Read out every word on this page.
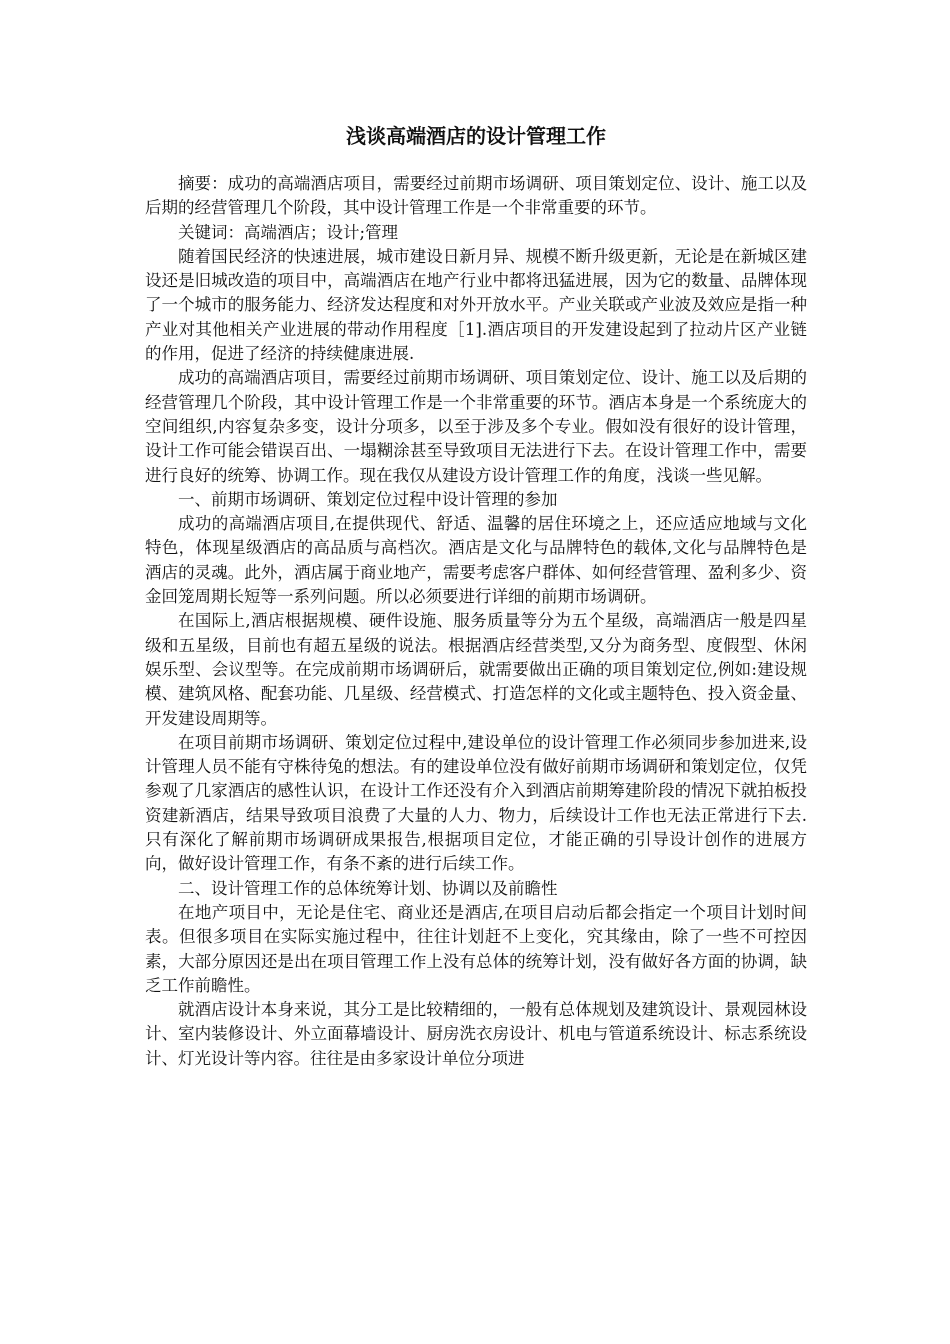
浅谈高端酒店的设计管理工作

摘要：成功的高端酒店项目，需要经过前期市场调研、项目策划定位、设计、施工以及后期的经营管理几个阶段，其中设计管理工作是一个非常重要的环节。

关键词：高端酒店；设计;管理

随着国民经济的快速进展，城市建设日新月异、规模不断升级更新，无论是在新城区建设还是旧城改造的项目中，高端酒店在地产行业中都将迅猛进展，因为它的数量、品牌体现了一个城市的服务能力、经济发达程度和对外开放水平。产业关联或产业波及效应是指一种产业对其他相关产业进展的带动作用程度［1].酒店项目的开发建设起到了拉动片区产业链的作用，促进了经济的持续健康进展.

成功的高端酒店项目，需要经过前期市场调研、项目策划定位、设计、施工以及后期的经营管理几个阶段，其中设计管理工作是一个非常重要的环节。酒店本身是一个系统庞大的空间组织,内容复杂多变，设计分项多，以至于涉及多个专业。假如没有很好的设计管理，设计工作可能会错误百出、一塌糊涂甚至导致项目无法进行下去。在设计管理工作中，需要进行良好的统筹、协调工作。现在我仅从建设方设计管理工作的角度，浅谈一些见解。

一、前期市场调研、策划定位过程中设计管理的参加

成功的高端酒店项目,在提供现代、舒适、温馨的居住环境之上，还应适应地域与文化特色，体现星级酒店的高品质与高档次。酒店是文化与品牌特色的载体,文化与品牌特色是酒店的灵魂。此外，酒店属于商业地产，需要考虑客户群体、如何经营管理、盈利多少、资金回笼周期长短等一系列问题。所以必须要进行详细的前期市场调研。

在国际上,酒店根据规模、硬件设施、服务质量等分为五个星级，高端酒店一般是四星级和五星级，目前也有超五星级的说法。根据酒店经营类型,又分为商务型、度假型、休闲娱乐型、会议型等。在完成前期市场调研后，就需要做出正确的项目策划定位,例如:建设规模、建筑风格、配套功能、几星级、经营模式、打造怎样的文化或主题特色、投入资金量、开发建设周期等。

在项目前期市场调研、策划定位过程中,建设单位的设计管理工作必须同步参加进来,设计管理人员不能有守株待兔的想法。有的建设单位没有做好前期市场调研和策划定位，仅凭参观了几家酒店的感性认识，在设计工作还没有介入到酒店前期筹建阶段的情况下就拍板投资建新酒店，结果导致项目浪费了大量的人力、物力，后续设计工作也无法正常进行下去.只有深化了解前期市场调研成果报告,根据项目定位，才能正确的引导设计创作的进展方向，做好设计管理工作，有条不紊的进行后续工作。

二、设计管理工作的总体统筹计划、协调以及前瞻性

在地产项目中，无论是住宅、商业还是酒店,在项目启动后都会指定一个项目计划时间表。但很多项目在实际实施过程中，往往计划赶不上变化，究其缘由，除了一些不可控因素，大部分原因还是出在项目管理工作上没有总体的统筹计划，没有做好各方面的协调，缺乏工作前瞻性。

就酒店设计本身来说，其分工是比较精细的，一般有总体规划及建筑设计、景观园林设计、室内装修设计、外立面幕墙设计、厨房洗衣房设计、机电与管道系统设计、标志系统设计、灯光设计等内容。往往是由多家设计单位分项进
